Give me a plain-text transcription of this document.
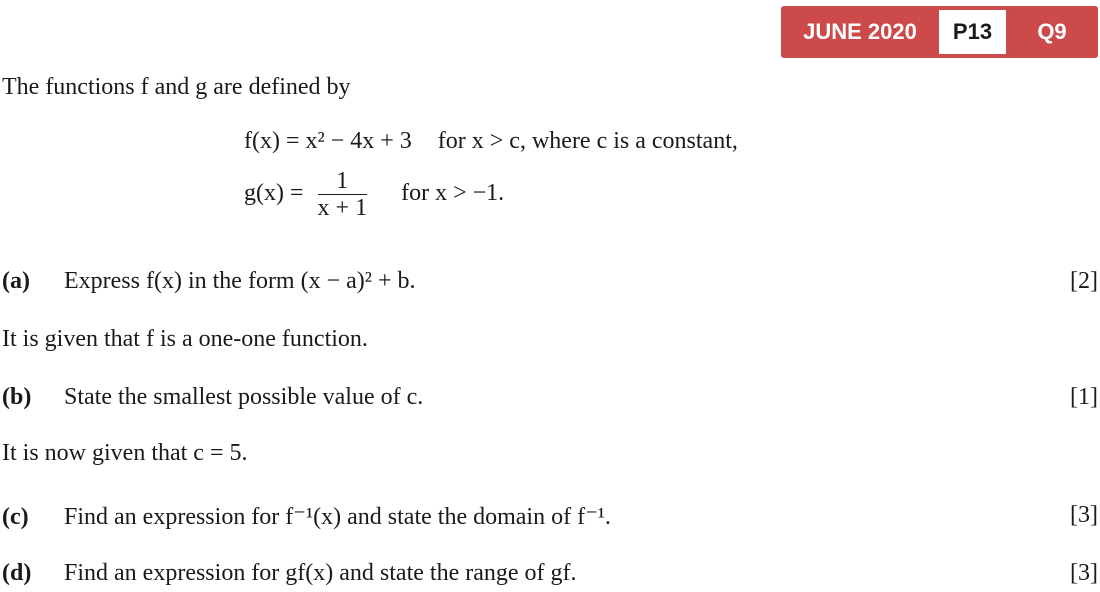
JUNE 2020	P13	Q9
The functions f and g are defined by
f(x) = x² − 4x + 3 for x > c, where c is a constant,
$g(x) = \frac{1}{x + 1}$ for x > −1.
(a) Express f(x) in the form (x − a)² + b.	[2]
It is given that f is a one-one function.
(b) State the smallest possible value of c.	[1]
It is now given that c = 5.
(c) Find an expression for f⁻¹(x) and state the domain of f⁻¹.	[3]
(d) Find an expression for gf(x) and state the range of gf.	[3]
